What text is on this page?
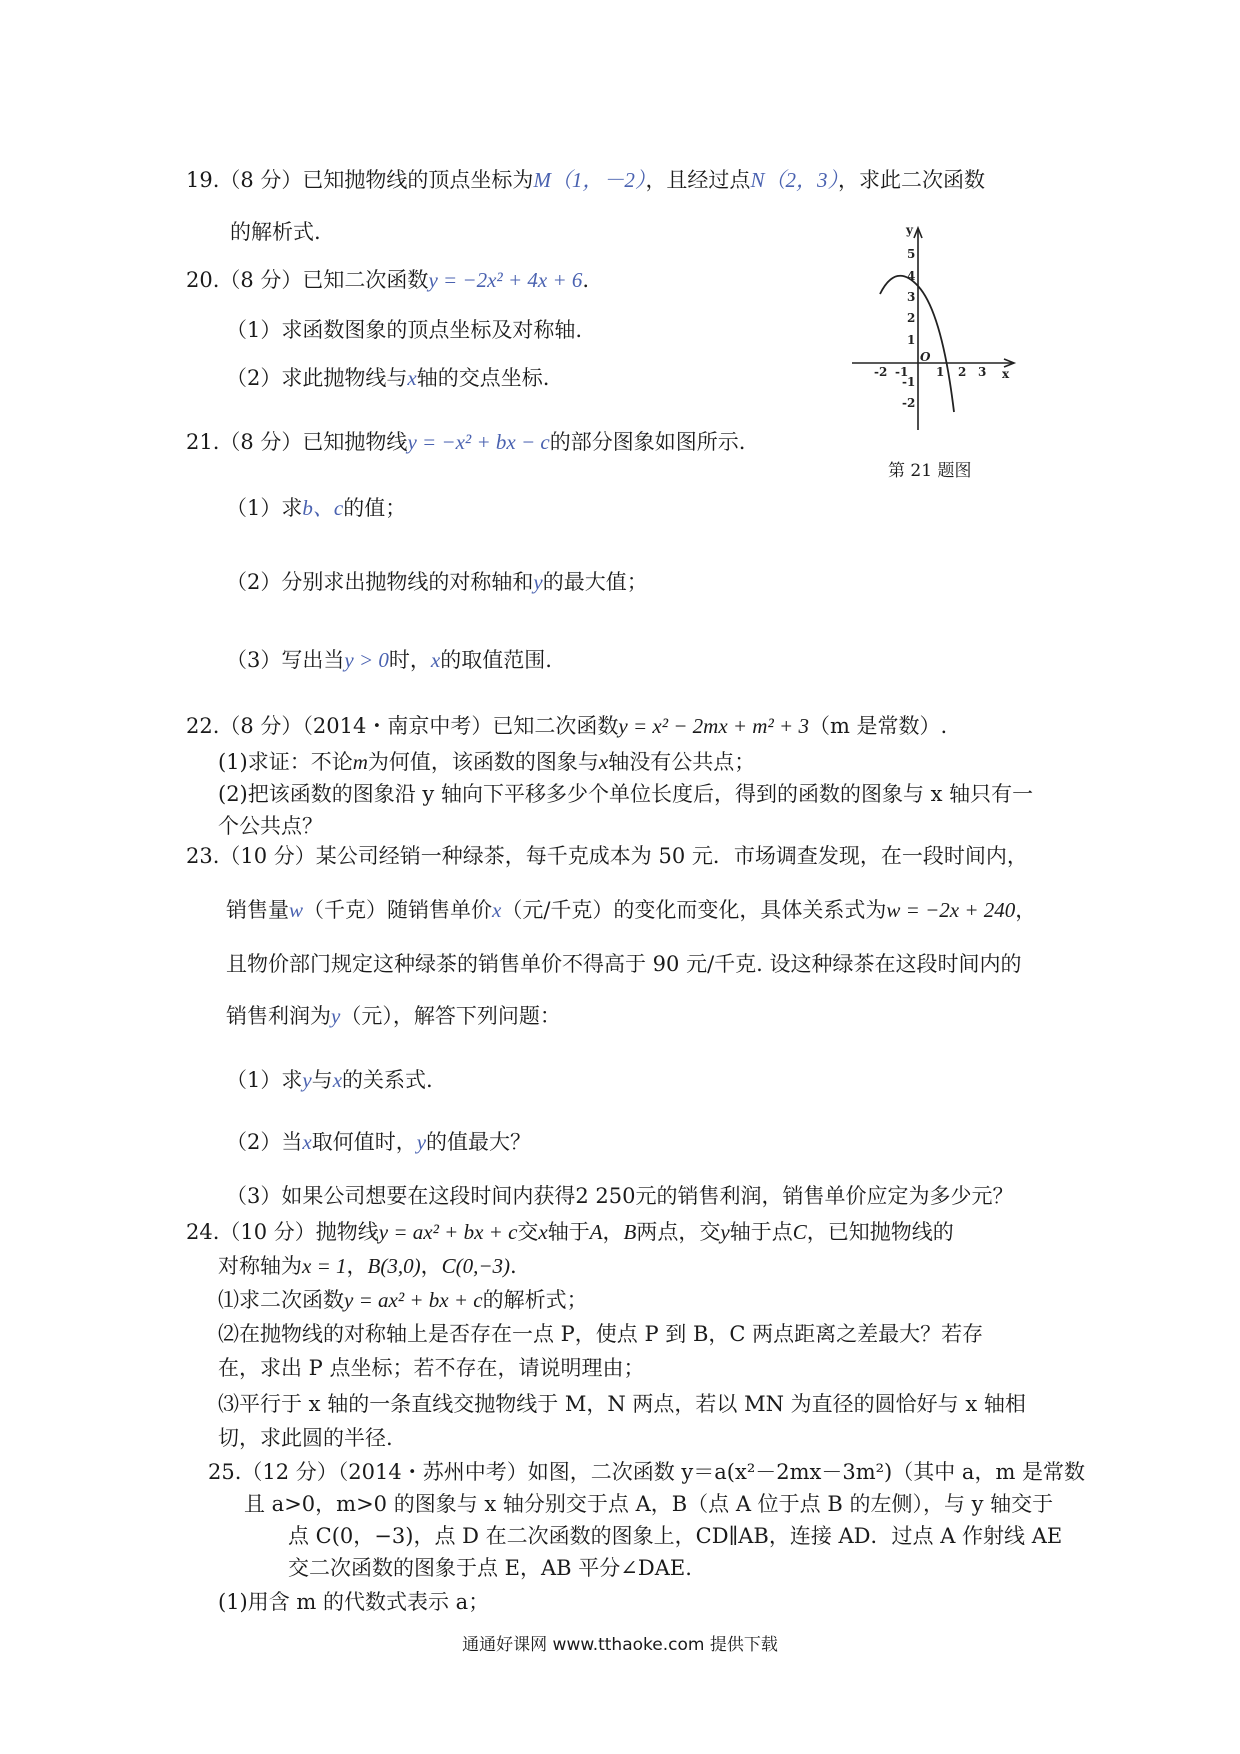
19.（8 分）已知抛物线的顶点坐标为M（1，－2），且经过点N（2，3），求此二次函数
的解析式.
20.（8 分）已知二次函数y = −2x² + 4x + 6.
（1）求函数图象的顶点坐标及对称轴.
（2）求此抛物线与x轴的交点坐标.
21.（8 分）已知抛物线y = −x² + bx − c的部分图象如图所示.
（1）求b、c的值；
（2）分别求出抛物线的对称轴和y的最大值；
（3）写出当y > 0时，x的取值范围.
y
x
O
-2 -1 1 2 3
5
4
3
2
1
-1
-2
第 21 题图
22.（8 分）（2014・南京中考）已知二次函数y = x² − 2mx + m² + 3（m 是常数）.
(1)求证：不论m为何值，该函数的图象与x轴没有公共点；
(2)把该函数的图象沿 y 轴向下平移多少个单位长度后，得到的函数的图象与 x 轴只有一
个公共点？
23.（10 分）某公司经销一种绿茶，每千克成本为 50 元．市场调查发现，在一段时间内，
销售量w（千克）随销售单价x（元/千克）的变化而变化，具体关系式为w = −2x + 240，
且物价部门规定这种绿茶的销售单价不得高于 90 元/千克. 设这种绿茶在这段时间内的
销售利润为y（元），解答下列问题：
（1）求y与x的关系式.
（2）当x取何值时，y的值最大？
（3）如果公司想要在这段时间内获得2 250元的销售利润，销售单价应定为多少元？
24.（10 分）抛物线y = ax² + bx + c交x轴于A，B两点，交y轴于点C，已知抛物线的
对称轴为x = 1，B(3,0)，C(0,−3).
⑴求二次函数y = ax² + bx + c的解析式；
⑵在抛物线的对称轴上是否存在一点 P，使点 P 到 B，C 两点距离之差最大？若存
在，求出 P 点坐标；若不存在，请说明理由；
⑶平行于 x 轴的一条直线交抛物线于 M，N 两点，若以 MN 为直径的圆恰好与 x 轴相
切，求此圆的半径.
25.（12 分）（2014・苏州中考）如图，二次函数 y＝a(x²－2mx－3m²)（其中 a，m 是常数
且 a>0，m>0 的图象与 x 轴分别交于点 A，B（点 A 位于点 B 的左侧），与 y 轴交于
点 C(0，−3)，点 D 在二次函数的图象上，CD∥AB，连接 AD．过点 A 作射线 AE
交二次函数的图象于点 E，AB 平分∠DAE.
(1)用含 m 的代数式表示 a；
通通好课网 www.tthaoke.com 提供下载
